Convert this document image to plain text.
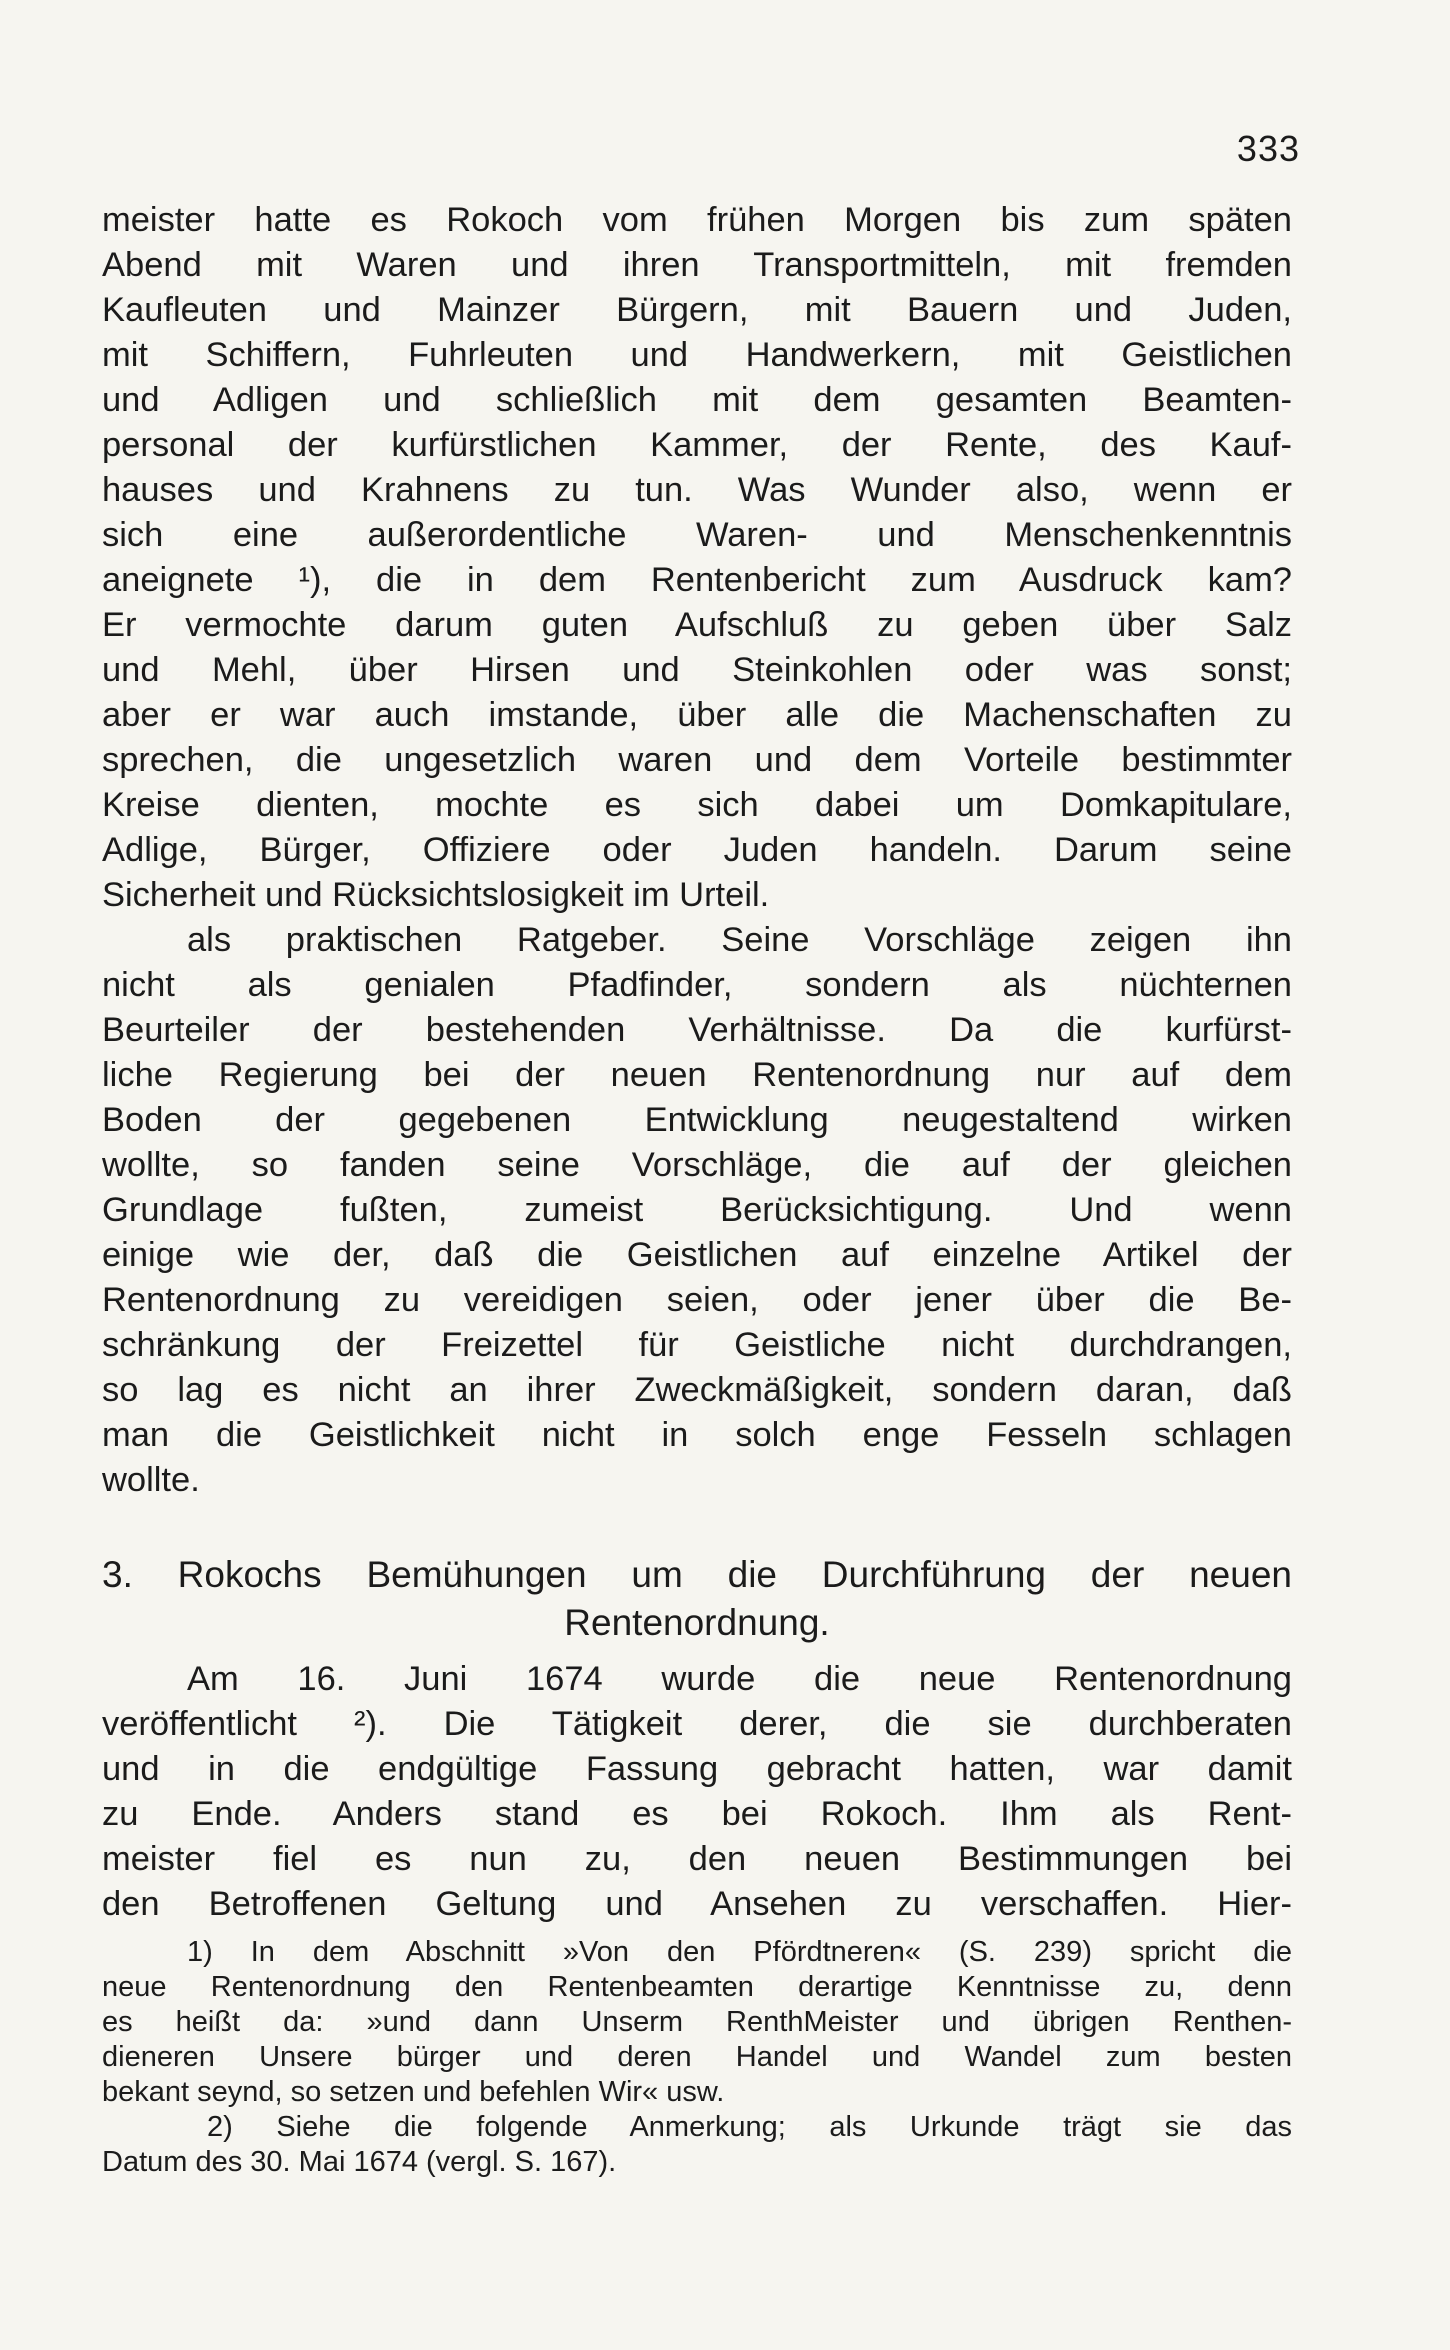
333
meister hatte es Rokoch vom frühen Morgen bis zum späten
Abend mit Waren und ihren Transportmitteln, mit fremden
Kaufleuten und Mainzer Bürgern, mit Bauern und Juden,
mit Schiffern, Fuhrleuten und Handwerkern, mit Geistlichen
und Adligen und schließlich mit dem gesamten Beamten-
personal der kurfürstlichen Kammer, der Rente, des Kauf-
hauses und Krahnens zu tun. Was Wunder also, wenn er
sich eine außerordentliche Waren- und Menschenkenntnis
aneignete ¹), die in dem Rentenbericht zum Ausdruck kam?
Er vermochte darum guten Aufschluß zu geben über Salz
und Mehl, über Hirsen und Steinkohlen oder was sonst;
aber er war auch imstande, über alle die Machenschaften zu
sprechen, die ungesetzlich waren und dem Vorteile bestimmter
Kreise dienten, mochte es sich dabei um Domkapitulare,
Adlige, Bürger, Offiziere oder Juden handeln. Darum seine
Sicherheit und Rücksichtslosigkeit im Urteil.
als praktischen Ratgeber. Seine Vorschläge zeigen ihn
nicht als genialen Pfadfinder, sondern als nüchternen
Beurteiler der bestehenden Verhältnisse. Da die kurfürst-
liche Regierung bei der neuen Rentenordnung nur auf dem
Boden der gegebenen Entwicklung neugestaltend wirken
wollte, so fanden seine Vorschläge, die auf der gleichen
Grundlage fußten, zumeist Berücksichtigung. Und wenn
einige wie der, daß die Geistlichen auf einzelne Artikel der
Rentenordnung zu vereidigen seien, oder jener über die Be-
schränkung der Freizettel für Geistliche nicht durchdrangen,
so lag es nicht an ihrer Zweckmäßigkeit, sondern daran, daß
man die Geistlichkeit nicht in solch enge Fesseln schlagen
wollte.
3. Rokochs Bemühungen um die Durchführung der neuen
Rentenordnung.
Am 16. Juni 1674 wurde die neue Rentenordnung
veröffentlicht ²). Die Tätigkeit derer, die sie durchberaten
und in die endgültige Fassung gebracht hatten, war damit
zu Ende. Anders stand es bei Rokoch. Ihm als Rent-
meister fiel es nun zu, den neuen Bestimmungen bei
den Betroffenen Geltung und Ansehen zu verschaffen. Hier-
1) In dem Abschnitt »Von den Pfördtneren« (S. 239) spricht die
neue Rentenordnung den Rentenbeamten derartige Kenntnisse zu, denn
es heißt da: »und dann Unserm RenthMeister und übrigen Renthen-
dieneren Unsere bürger und deren Handel und Wandel zum besten
bekant seynd, so setzen und befehlen Wir« usw.
2) Siehe die folgende Anmerkung; als Urkunde trägt sie das
Datum des 30. Mai 1674 (vergl. S. 167).
